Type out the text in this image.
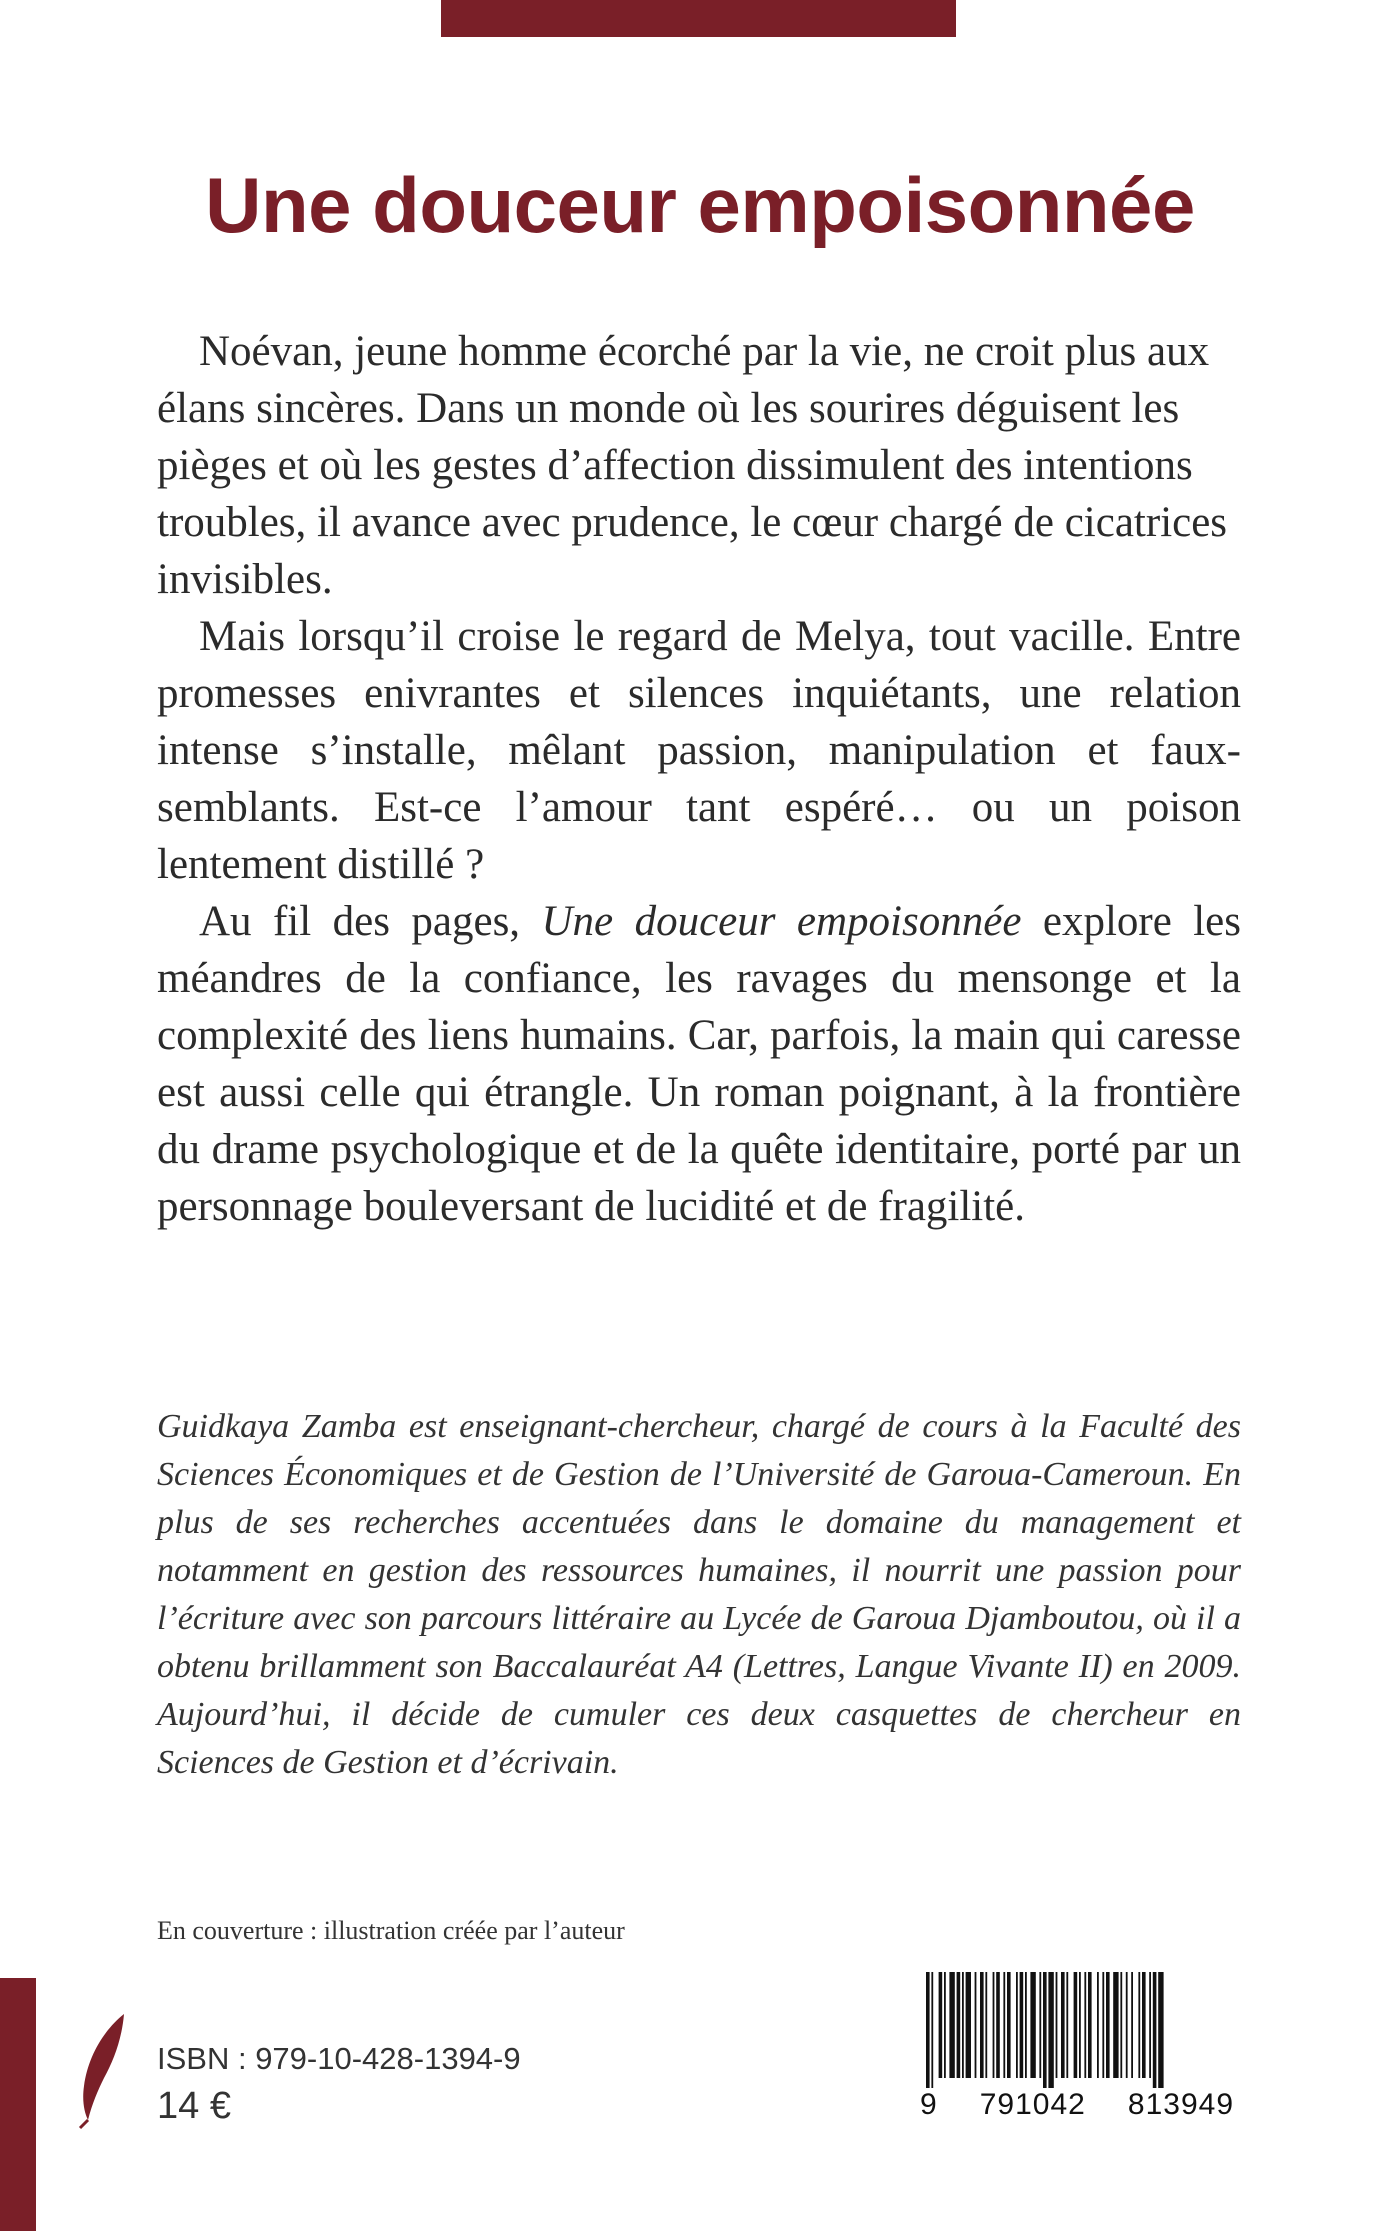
Une douceur empoisonnée

Noévan, jeune homme écorché par la vie, ne croit plus aux élans sincères. Dans un monde où les sourires déguisent les pièges et où les gestes d’affection dissimulent des intentions troubles, il avance avec prudence, le cœur chargé de cicatrices invisibles.

Mais lorsqu’il croise le regard de Melya, tout vacille. Entre promesses enivrantes et silences inquiétants, une relation intense s’installe, mêlant passion, manipulation et faux-semblants. Est-ce l’amour tant espéré… ou un poison lentement distillé ?

Au fil des pages, Une douceur empoisonnée explore les méandres de la confiance, les ravages du mensonge et la complexité des liens humains. Car, parfois, la main qui caresse est aussi celle qui étrangle. Un roman poignant, à la frontière du drame psychologique et de la quête identitaire, porté par un personnage bouleversant de lucidité et de fragilité.

Guidkaya Zamba est enseignant-chercheur, chargé de cours à la Faculté des Sciences Économiques et de Gestion de l’Université de Garoua-Cameroun. En plus de ses recherches accentuées dans le domaine du management et notamment en gestion des ressources humaines, il nourrit une passion pour l’écriture avec son parcours littéraire au Lycée de Garoua Djamboutou, où il a obtenu brillamment son Baccalauréat A4 (Lettres, Langue Vivante II) en 2009. Aujourd’hui, il décide de cumuler ces deux casquettes de chercheur en Sciences de Gestion et d’écrivain.

En couverture : illustration créée par l’auteur

ISBN : 979-10-428-1394-9
14 €	9 791042 813949
